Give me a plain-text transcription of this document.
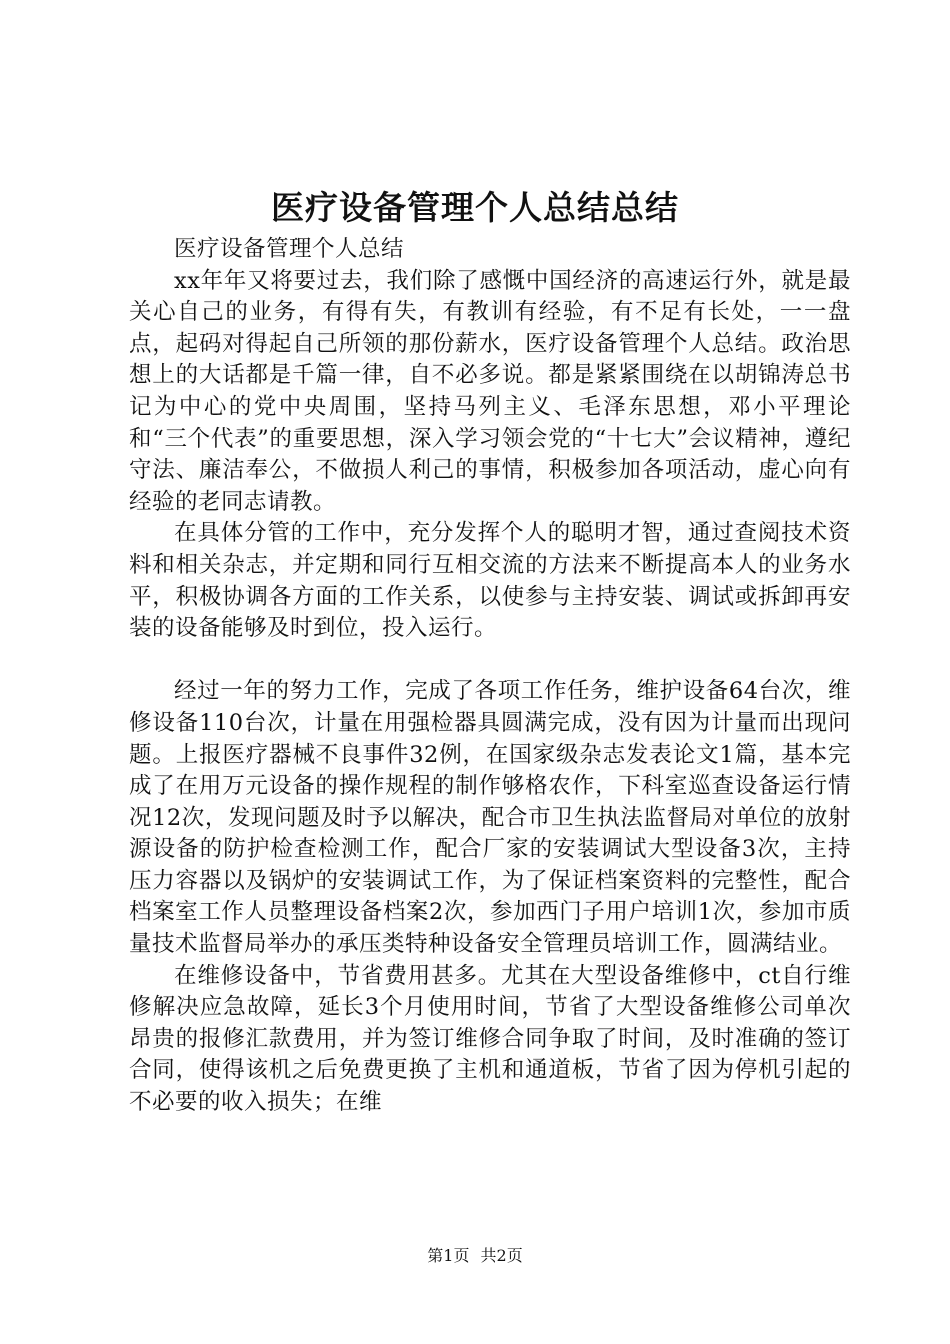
医疗设备管理个人总结总结

医疗设备管理个人总结

xx年年又将要过去，我们除了感慨中国经济的高速运行外，就是最关心自己的业务，有得有失，有教训有经验，有不足有长处，一一盘点，起码对得起自己所领的那份薪水，医疗设备管理个人总结。政治思想上的大话都是千篇一律，自不必多说。都是紧紧围绕在以胡锦涛总书记为中心的党中央周围，坚持马列主义、毛泽东思想，邓小平理论和“三个代表”的重要思想，深入学习领会党的“十七大”会议精神，遵纪守法、廉洁奉公，不做损人利己的事情，积极参加各项活动，虚心向有经验的老同志请教。

在具体分管的工作中，充分发挥个人的聪明才智，通过查阅技术资料和相关杂志，并定期和同行互相交流的方法来不断提高本人的业务水平，积极协调各方面的工作关系，以使参与主持安装、调试或拆卸再安装的设备能够及时到位，投入运行。

经过一年的努力工作，完成了各项工作任务，维护设备64台次，维修设备110台次，计量在用强检器具圆满完成，没有因为计量而出现问题。上报医疗器械不良事件32例，在国家级杂志发表论文1篇，基本完成了在用万元设备的操作规程的制作够格农作，下科室巡查设备运行情况12次，发现问题及时予以解决，配合市卫生执法监督局对单位的放射源设备的防护检查检测工作，配合厂家的安装调试大型设备3次，主持压力容器以及锅炉的安装调试工作，为了保证档案资料的完整性，配合档案室工作人员整理设备档案2次，参加西门子用户培训1次，参加市质量技术监督局举办的承压类特种设备安全管理员培训工作，圆满结业。

在维修设备中，节省费用甚多。尤其在大型设备维修中，ct自行维修解决应急故障，延长3个月使用时间，节省了大型设备维修公司单次昂贵的报修汇款费用，并为签订维修合同争取了时间，及时准确的签订合同，使得该机之后免费更换了主机和通道板，节省了因为停机引起的不必要的收入损失；在维

第1页 共2页
